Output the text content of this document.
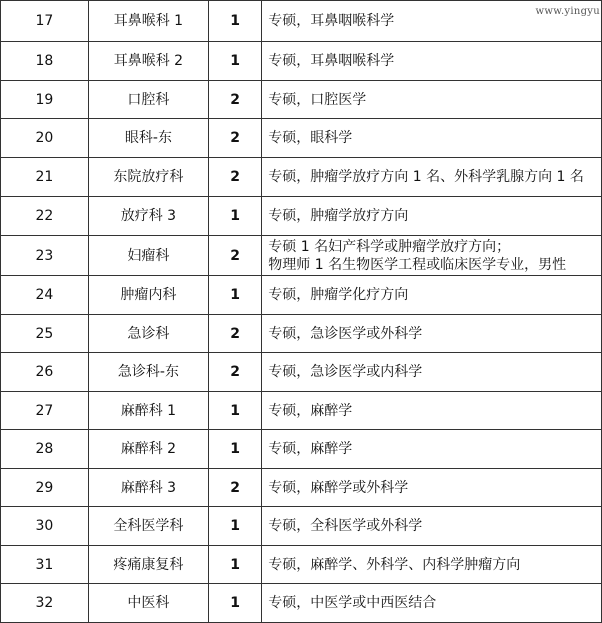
17	耳鼻喉科 1	1	专硕，耳鼻咽喉科学

18	耳鼻喉科 2	1	专硕，耳鼻咽喉科学

19	口腔科	2	专硕，口腔医学

20	眼科-东	2	专硕，眼科学

21	东院放疗科	2	专硕，肿瘤学放疗方向 1 名、外科学乳腺方向 1 名

22	放疗科 3	1	专硕，肿瘤学放疗方向

23	妇瘤科	2	专硕 1 名妇产科学或肿瘤学放疗方向；
物理师 1 名生物医学工程或临床医学专业，男性

24	肿瘤内科	1	专硕，肿瘤学化疗方向

25	急诊科	2	专硕，急诊医学或外科学

26	急诊科-东	2	专硕，急诊医学或内科学

27	麻醉科 1	1	专硕，麻醉学

28	麻醉科 2	1	专硕，麻醉学

29	麻醉科 3	2	专硕，麻醉学或外科学

30	全科医学科	1	专硕，全科医学或外科学

31	疼痛康复科	1	专硕，麻醉学、外科学、内科学肿瘤方向

32	中医科	1	专硕，中医学或中西医结合
www.yingyu
